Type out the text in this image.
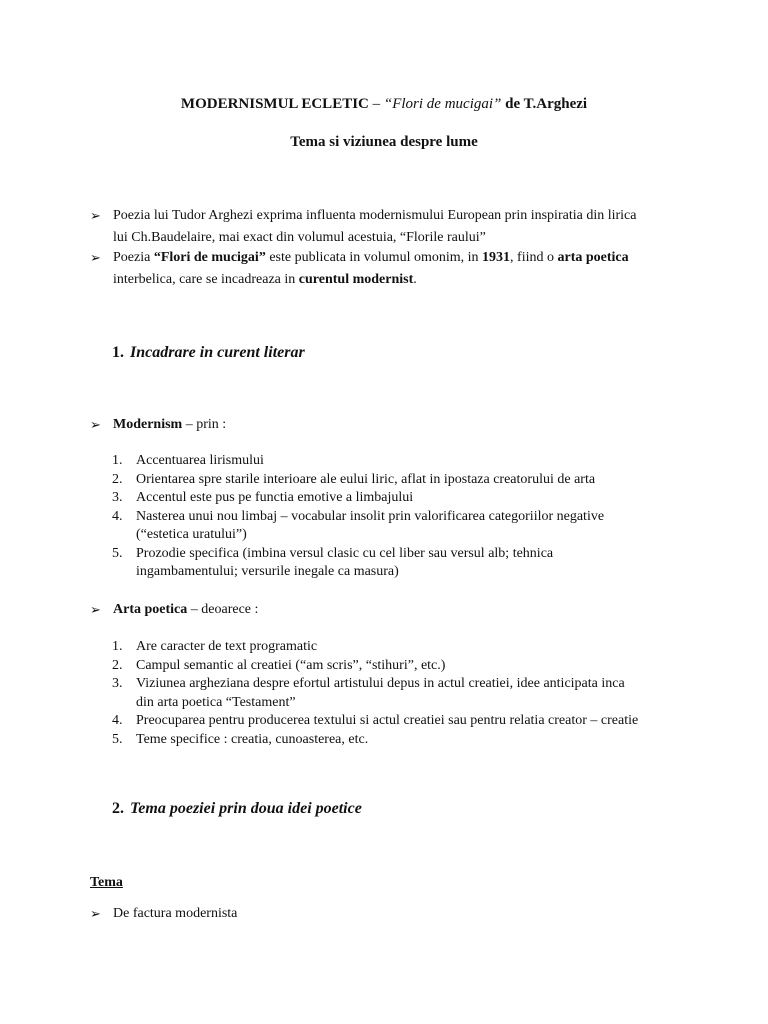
MODERNISMUL ECLETIC – “Flori de mucigai” de T.Arghezi
Tema si viziunea despre lume
➢ Poezia lui Tudor Arghezi exprima influenta modernismului European prin inspiratia din lirica
lui Ch.Baudelaire, mai exact din volumul acestuia, “Florile raului”
➢ Poezia “Flori de mucigai” este publicata in volumul omonim, in 1931, fiind o arta poetica
interbelica, care se incadreaza in curentul modernist.
1. Incadrare in curent literar
➢ Modernism – prin :
1. Accentuarea lirismului
2. Orientarea spre starile interioare ale eului liric, aflat in ipostaza creatorului de arta
3. Accentul este pus pe functia emotive a limbajului
4. Nasterea unui nou limbaj – vocabular insolit prin valorificarea categoriilor negative
(“estetica uratului”)
5. Prozodie specifica (imbina versul clasic cu cel liber sau versul alb; tehnica
ingambamentului; versurile inegale ca masura)
➢ Arta poetica – deoarece :
1. Are caracter de text programatic
2. Campul semantic al creatiei (“am scris”, “stihuri”, etc.)
3. Viziunea argheziana despre efortul artistului depus in actul creatiei, idee anticipata inca
din arta poetica “Testament”
4. Preocuparea pentru producerea textului si actul creatiei sau pentru relatia creator – creatie
5. Teme specifice : creatia, cunoasterea, etc.
2. Tema poeziei prin doua idei poetice
Tema
➢ De factura modernista
